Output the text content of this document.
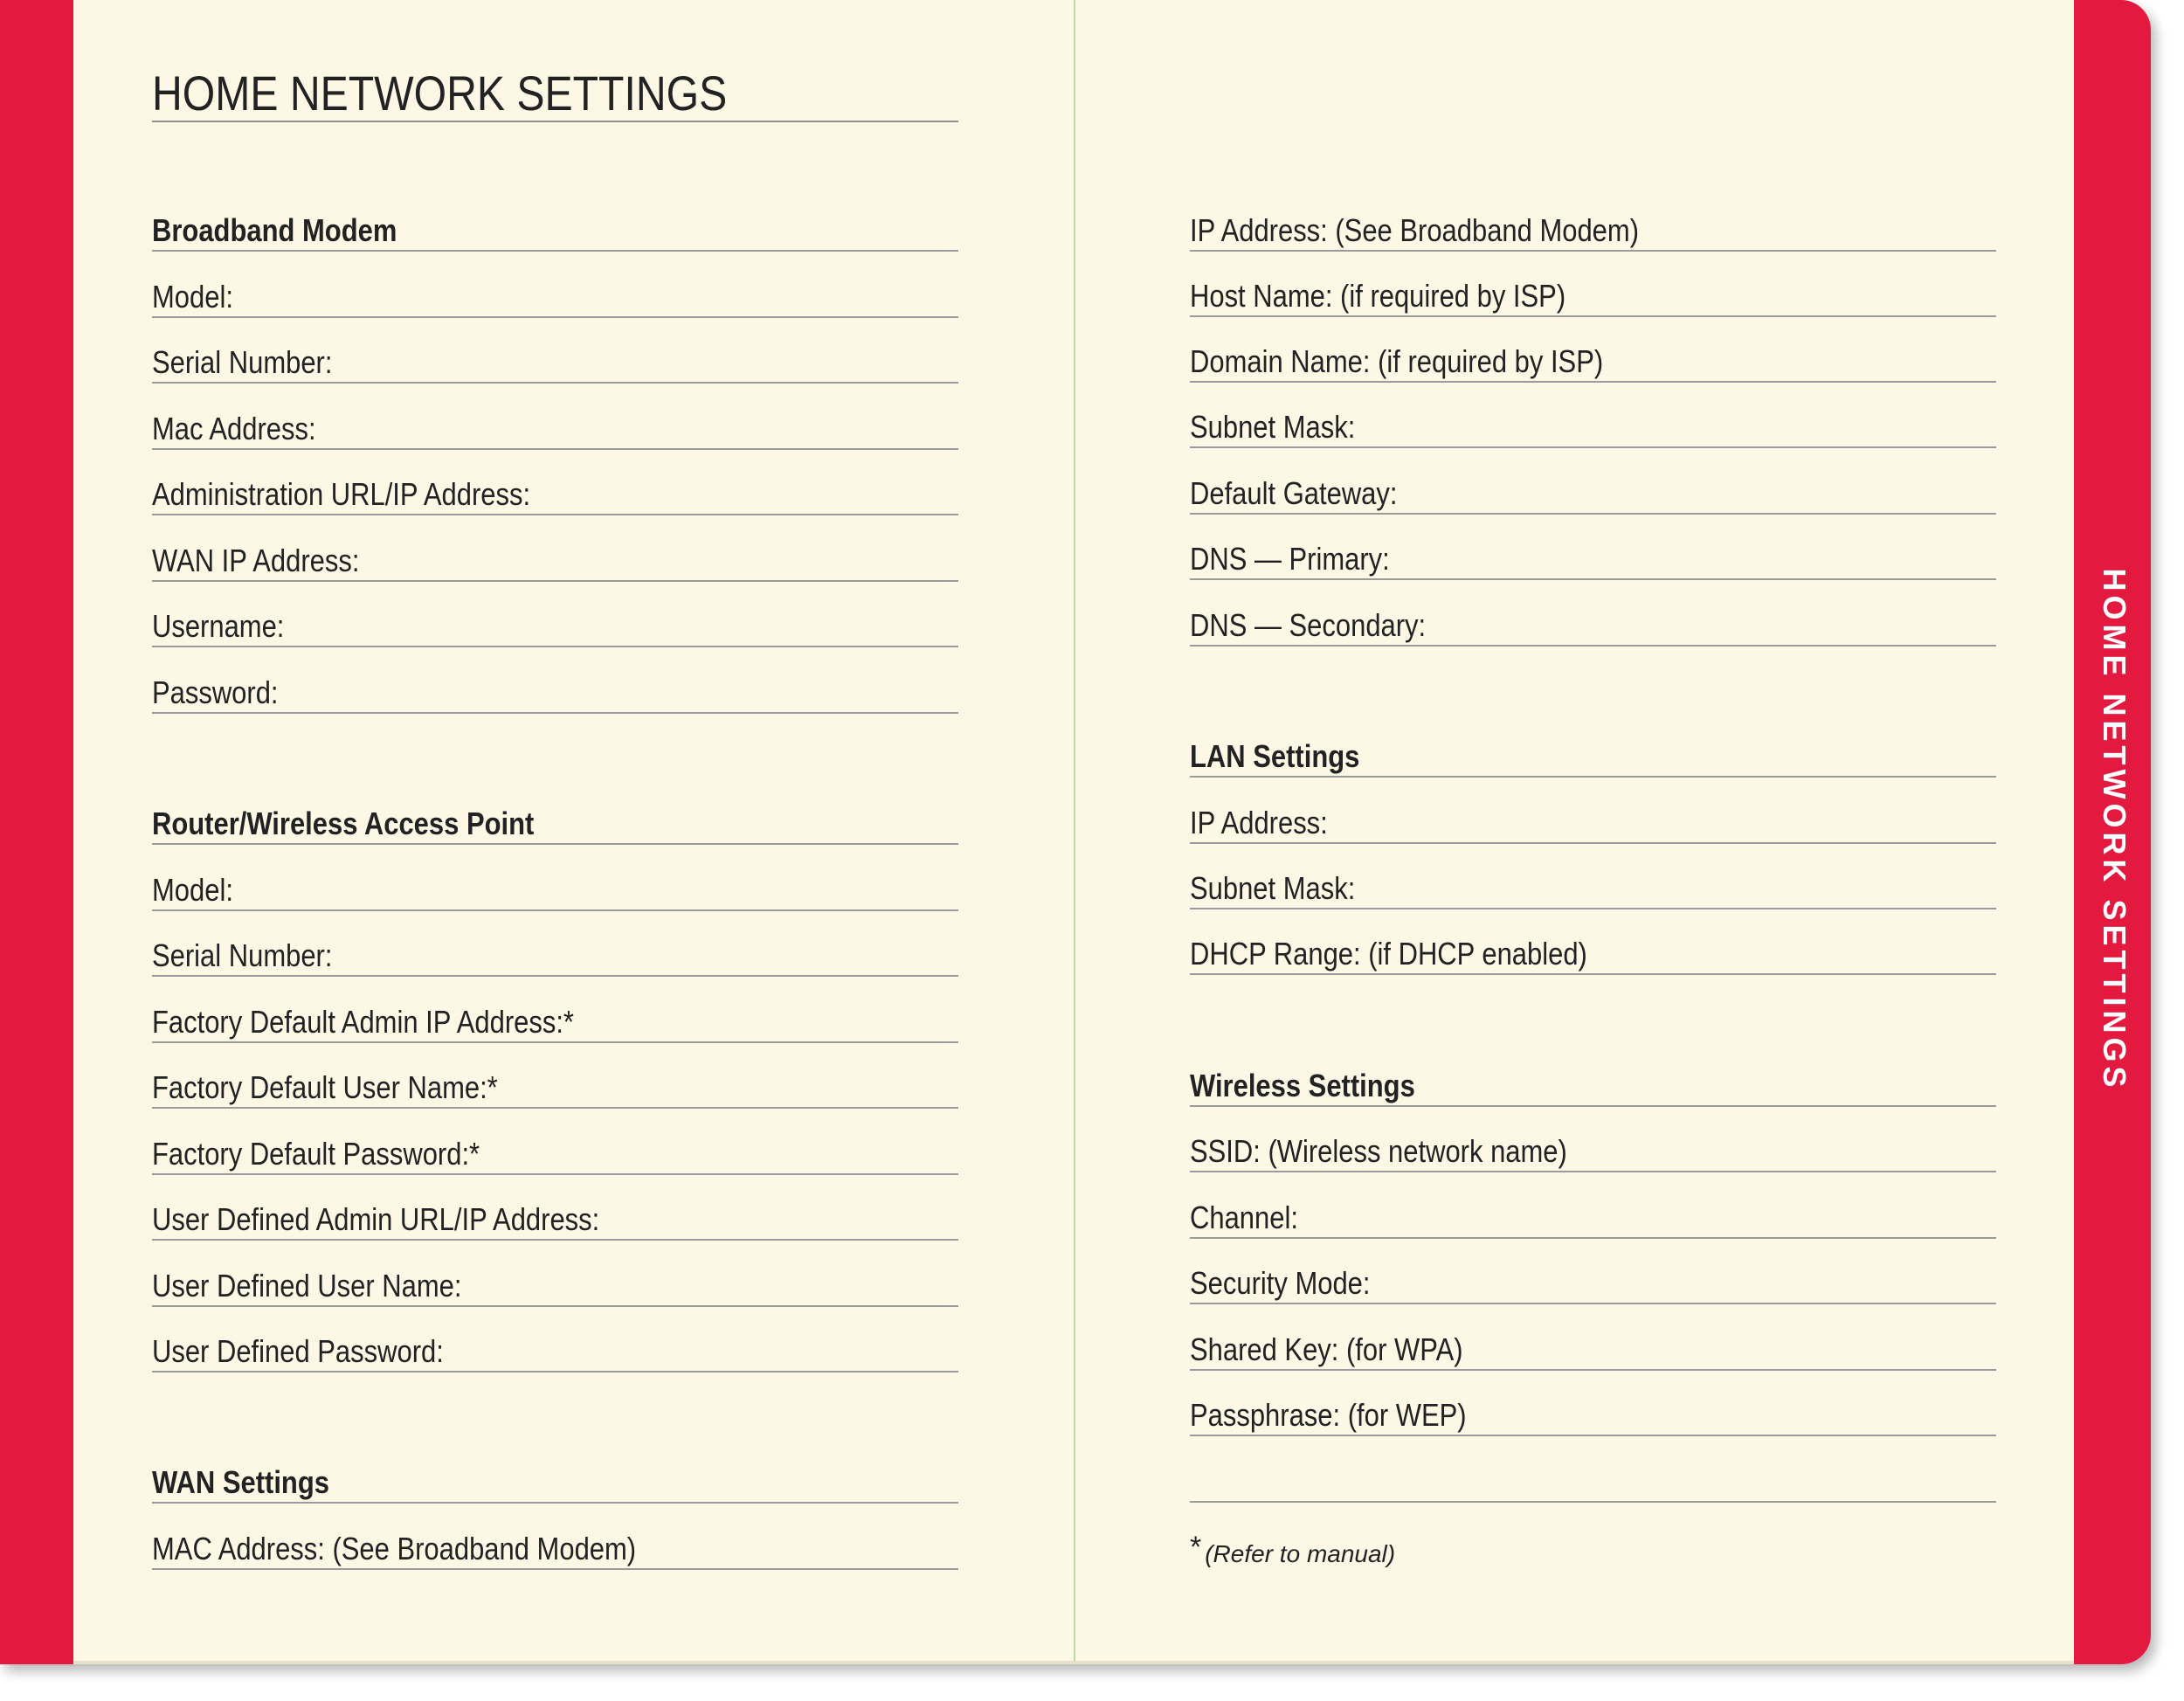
HOME NETWORK SETTINGS
HOME NETWORK SETTINGS
Broadband Modem
Model:
Serial Number:
Mac Address:
Administration URL/IP Address:
WAN IP Address:
Username:
Password:
Router/Wireless Access Point
Model:
Serial Number:
Factory Default Admin IP Address:*
Factory Default User Name:*
Factory Default Password:*
User Defined Admin URL/IP Address:
User Defined User Name:
User Defined Password:
WAN Settings
MAC Address: (See Broadband Modem)
IP Address: (See Broadband Modem)
Host Name: (if required by ISP)
Domain Name: (if required by ISP)
Subnet Mask:
Default Gateway:
DNS — Primary:
DNS — Secondary:
LAN Settings
IP Address:
Subnet Mask:
DHCP Range: (if DHCP enabled)
Wireless Settings
SSID: (Wireless network name)
Channel:
Security Mode:
Shared Key: (for WPA)
Passphrase: (for WEP)
* (Refer to manual)
